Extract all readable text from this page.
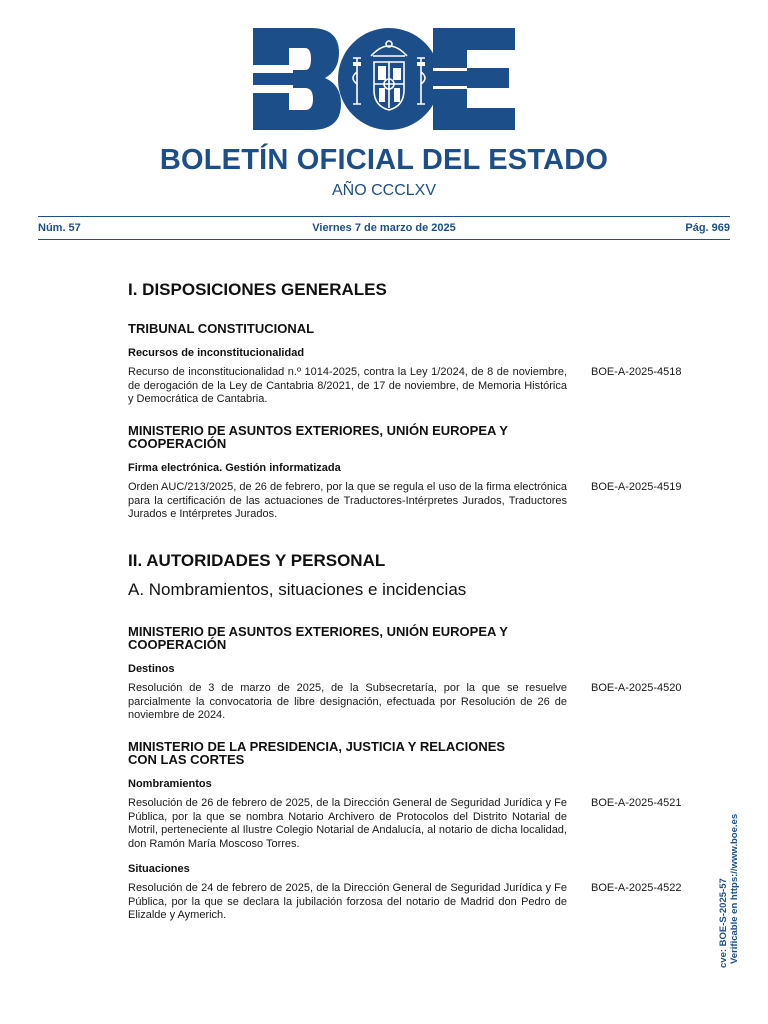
BOLETÍN OFICIAL DEL ESTADO
AÑO CCCLXV
Núm. 57	Viernes 7 de marzo de 2025	Pág. 969
I. DISPOSICIONES GENERALES
TRIBUNAL CONSTITUCIONAL
Recursos de inconstitucionalidad
Recurso de inconstitucionalidad n.º 1014-2025, contra la Ley 1/2024, de 8 de noviembre, de derogación de la Ley de Cantabria 8/2021, de 17 de noviembre, de Memoria Histórica y Democrática de Cantabria.
BOE-A-2025-4518
MINISTERIO DE ASUNTOS EXTERIORES, UNIÓN EUROPEA Y
COOPERACIÓN
Firma electrónica. Gestión informatizada
Orden AUC/213/2025, de 26 de febrero, por la que se regula el uso de la firma electrónica para la certificación de las actuaciones de Traductores-Intérpretes Jurados, Traductores Jurados e Intérpretes Jurados.
BOE-A-2025-4519
II. AUTORIDADES Y PERSONAL
A. Nombramientos, situaciones e incidencias
MINISTERIO DE ASUNTOS EXTERIORES, UNIÓN EUROPEA Y
COOPERACIÓN
Destinos
Resolución de 3 de marzo de 2025, de la Subsecretaría, por la que se resuelve parcialmente la convocatoria de libre designación, efectuada por Resolución de 26 de noviembre de 2024.
BOE-A-2025-4520
MINISTERIO DE LA PRESIDENCIA, JUSTICIA Y RELACIONES
CON LAS CORTES
Nombramientos
Resolución de 26 de febrero de 2025, de la Dirección General de Seguridad Jurídica y Fe Pública, por la que se nombra Notario Archivero de Protocolos del Distrito Notarial de Motril, perteneciente al Ilustre Colegio Notarial de Andalucía, al notario de dicha localidad, don Ramón María Moscoso Torres.
BOE-A-2025-4521
Situaciones
Resolución de 24 de febrero de 2025, de la Dirección General de Seguridad Jurídica y Fe Pública, por la que se declara la jubilación forzosa del notario de Madrid don Pedro de Elizalde y Aymerich.
BOE-A-2025-4522	cve: BOE-S-2025-57 Verificable en https://www.boe.es
